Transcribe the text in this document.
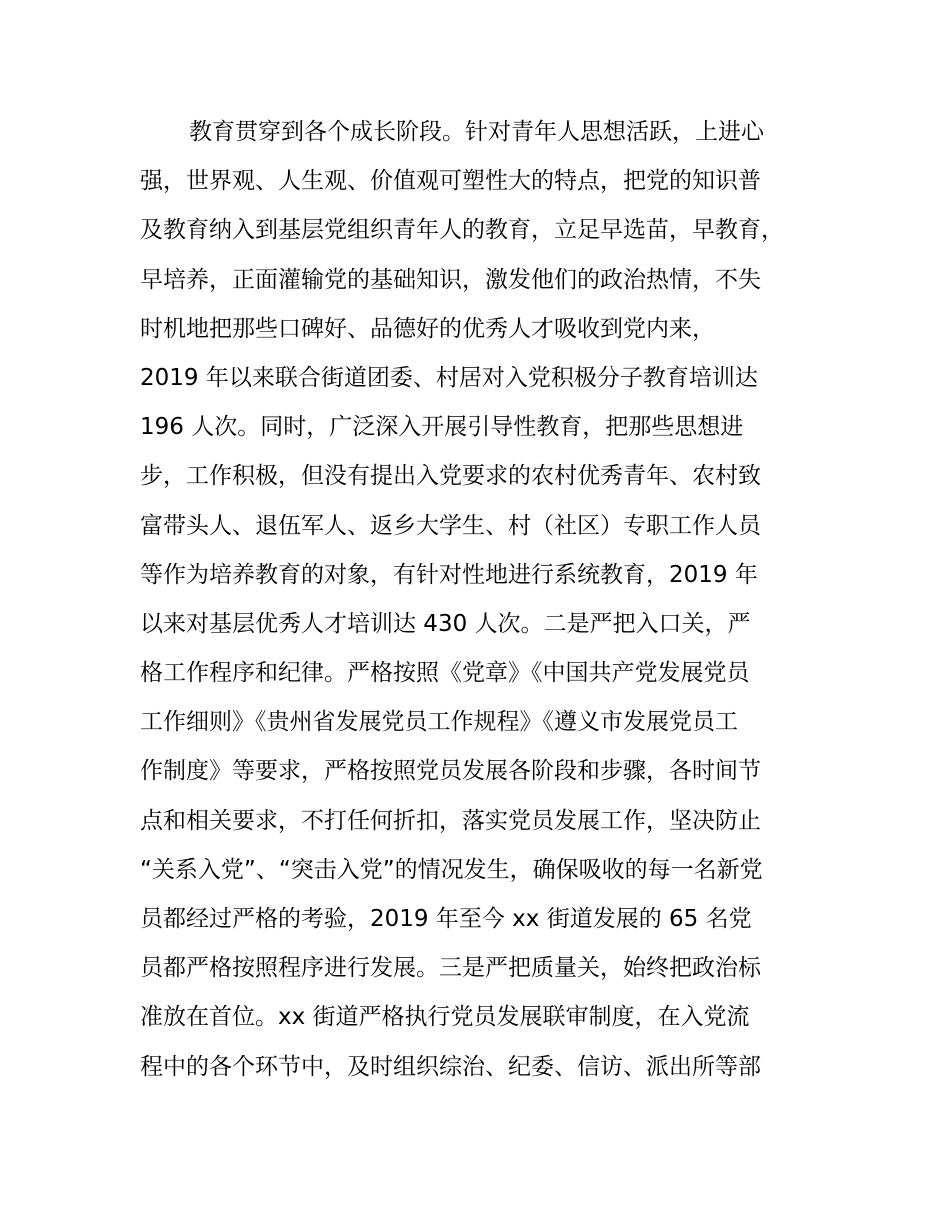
教育贯穿到各个成长阶段。针对青年人思想活跃，上进心
强，世界观、人生观、价值观可塑性大的特点，把党的知识普
及教育纳入到基层党组织青年人的教育，立足早选苗，早教育，
早培养，正面灌输党的基础知识，激发他们的政治热情，不失
时机地把那些口碑好、品德好的优秀人才吸收到党内来，
2019 年以来联合街道团委、村居对入党积极分子教育培训达
196 人次。同时，广泛深入开展引导性教育，把那些思想进
步，工作积极，但没有提出入党要求的农村优秀青年、农村致
富带头人、退伍军人、返乡大学生、村（社区）专职工作人员
等作为培养教育的对象，有针对性地进行系统教育，2019 年
以来对基层优秀人才培训达 430 人次。二是严把入口关，严
格工作程序和纪律。严格按照《党章》《中国共产党发展党员
工作细则》《贵州省发展党员工作规程》《遵义市发展党员工
作制度》等要求，严格按照党员发展各阶段和步骤，各时间节
点和相关要求，不打任何折扣，落实党员发展工作，坚决防止
“关系入党”、“突击入党”的情况发生，确保吸收的每一名新党
员都经过严格的考验，2019 年至今 xx 街道发展的 65 名党
员都严格按照程序进行发展。三是严把质量关，始终把政治标
准放在首位。xx 街道严格执行党员发展联审制度，在入党流
程中的各个环节中，及时组织综治、纪委、信访、派出所等部
